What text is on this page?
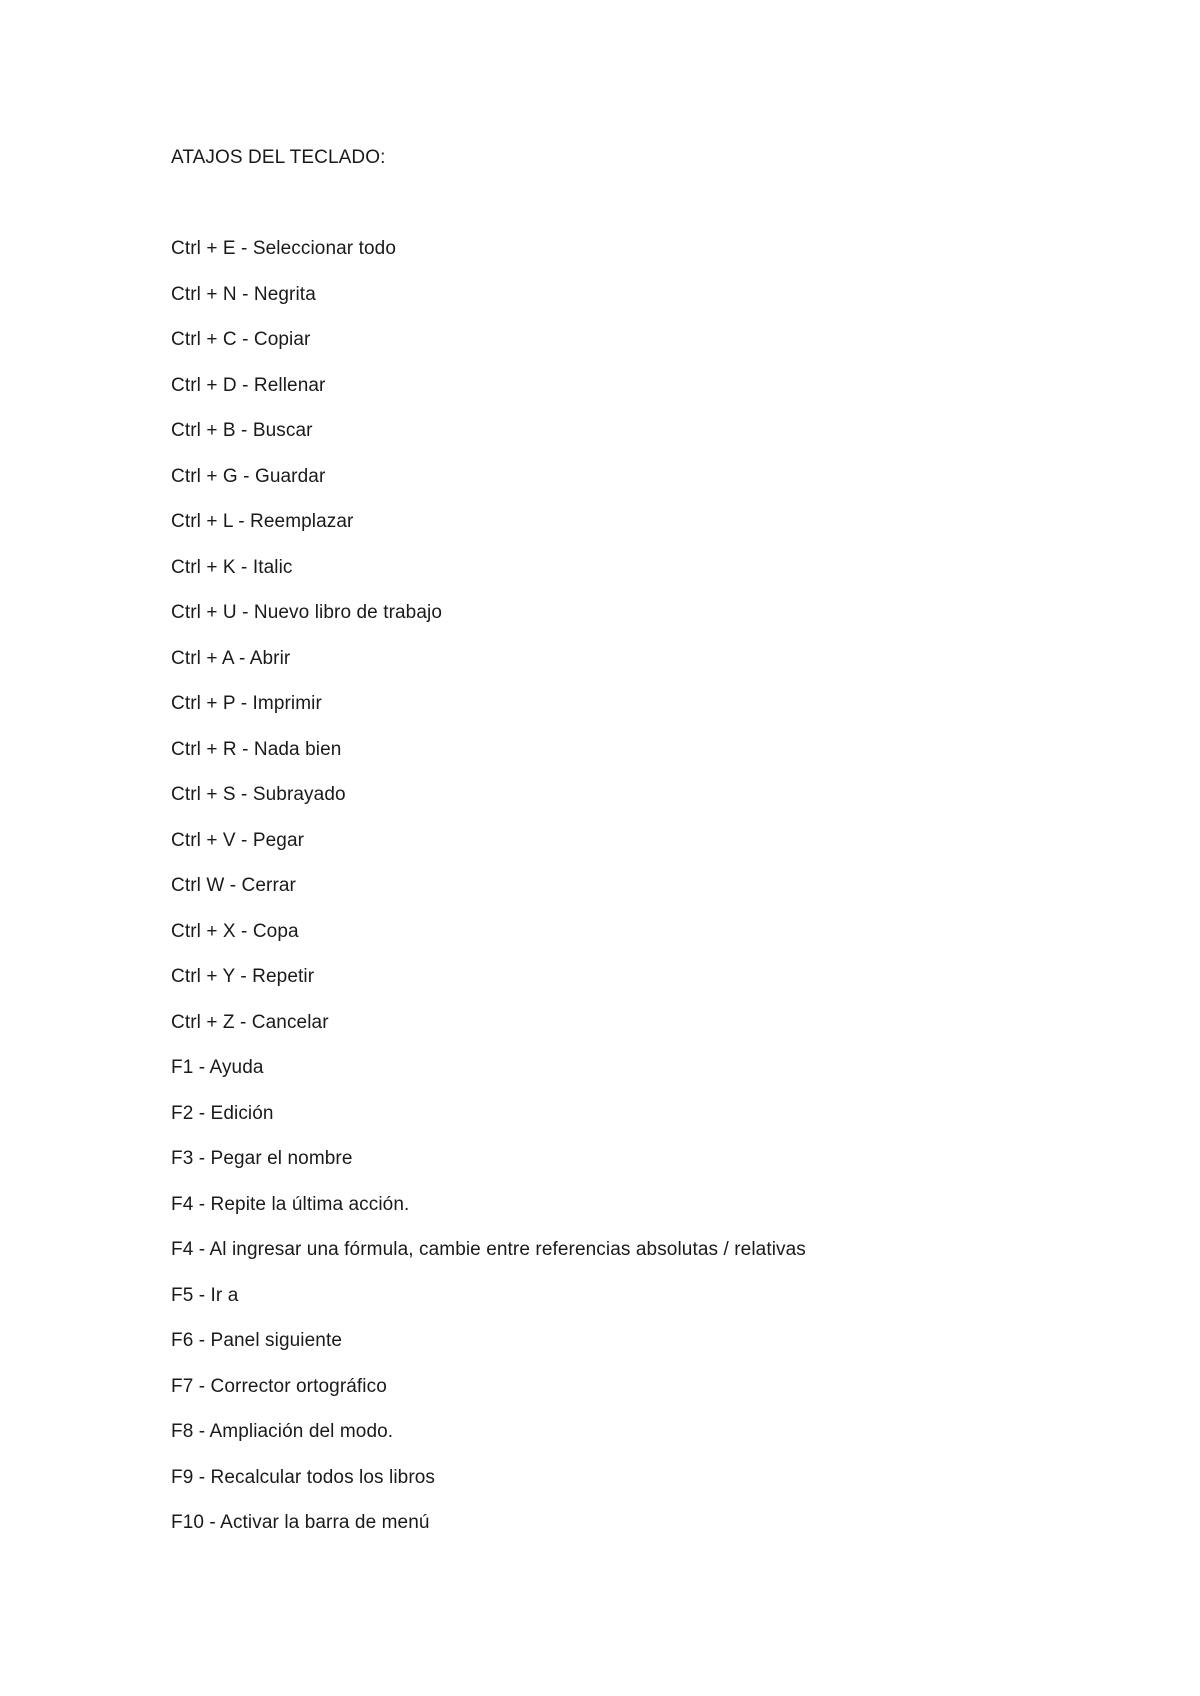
ATAJOS DEL TECLADO:
Ctrl + E - Seleccionar todo
Ctrl + N - Negrita
Ctrl + C - Copiar
Ctrl + D - Rellenar
Ctrl + B - Buscar
Ctrl + G - Guardar
Ctrl + L - Reemplazar
Ctrl + K - Italic
Ctrl + U - Nuevo libro de trabajo
Ctrl + A - Abrir
Ctrl + P - Imprimir
Ctrl + R - Nada bien
Ctrl + S - Subrayado
Ctrl + V - Pegar
Ctrl W - Cerrar
Ctrl + X - Copa
Ctrl + Y - Repetir
Ctrl + Z - Cancelar
F1 - Ayuda
F2 - Edición
F3 - Pegar el nombre
F4 - Repite la última acción.
F4 - Al ingresar una fórmula, cambie entre referencias absolutas / relativas
F5 - Ir a
F6 - Panel siguiente
F7 - Corrector ortográfico
F8 - Ampliación del modo.
F9 - Recalcular todos los libros
F10 - Activar la barra de menú
